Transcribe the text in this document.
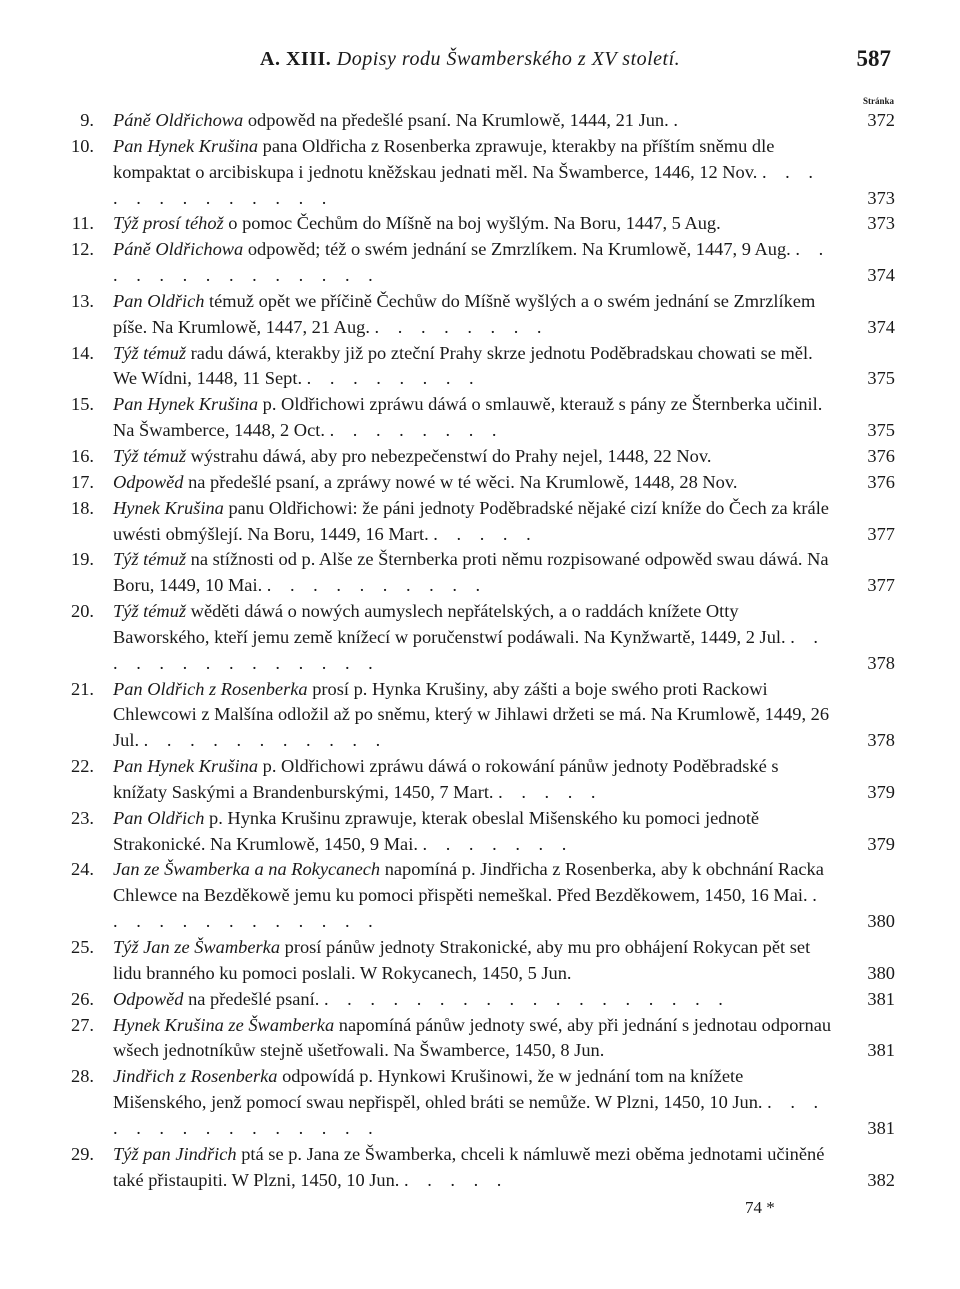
A. XIII. Dopisy rodu Šwamberského z XV století.	587
Stránka
9. Páně Oldřichowa odpowěd na předešlé psaní. Na Krumlowě, 1444, 21 Jun. .	372
10. Pan Hynek Krušina pana Oldřicha z Rosenberka zprawuje, kterakby na příštím sněmu dle kompaktat o arcibiskupa i jednotu kněžskau jednati měl. Na Šwamberce, 1446, 12 Nov. . . . . . . . . . . . . .	373
11. Týž prosí téhož o pomoc Čechům do Míšně na boj wyšlým. Na Boru, 1447, 5 Aug.	373
12. Páně Oldřichowa odpowěd; též o swém jednání se Zmrzlíkem. Na Krumlowě, 1447, 9 Aug. . . . . . . . . . . . . . .	374
13. Pan Oldřich témuž opět we příčině Čechůw do Míšně wyšlých a o swém jednání se Zmrzlíkem píše. Na Krumlowě, 1447, 21 Aug. . . . . . . . .	374
14. Týž témuž radu dáwá, kterakby již po zteční Prahy skrze jednotu Poděbradskau chowati se měl. We Wídni, 1448, 11 Sept. . . . . . . . .	375
15. Pan Hynek Krušina p. Oldřichowi zpráwu dáwá o smlauwě, kterauž s pány ze Šternberka učinil. Na Šwamberce, 1448, 2 Oct. . . . . . . . .	375
16. Týž témuž wýstrahu dáwá, aby pro nebezpečenstwí do Prahy nejel, 1448, 22 Nov.	376
17. Odpowěd na předešlé psaní, a zpráwy nowé w té wěci. Na Krumlowě, 1448, 28 Nov.	376
18. Hynek Krušina panu Oldřichowi: že páni jednoty Poděbradské nějaké cizí kníže do Čech za krále uwésti obmýšlejí. Na Boru, 1449, 16 Mart. . . . . .	377
19. Týž témuž na stížnosti od p. Alše ze Šternberka proti němu rozpisowané odpowěd swau dáwá. Na Boru, 1449, 10 Mai. . . . . . . . . . .	377
20. Týž témuž wěděti dáwá o nowých aumyslech nepřátelských, a o raddách knížete Otty Baworského, kteří jemu země knížecí w poručenstwí podáwali. Na Kynžwartě, 1449, 2 Jul. . . . . . . . . . . . . . .	378
21. Pan Oldřich z Rosenberka prosí p. Hynka Krušiny, aby zášti a boje swého proti Rackowi Chlewcowi z Malšína odložil až po sněmu, který w Jihlawi držeti se má. Na Krumlowě, 1449, 26 Jul. . . . . . . . . . . .	378
22. Pan Hynek Krušina p. Oldřichowi zpráwu dáwá o rokowání pánůw jednoty Poděbradské s knížaty Saskými a Brandenburskými, 1450, 7 Mart. . . . . .	379
23. Pan Oldřich p. Hynka Krušinu zprawuje, kterak obeslal Mišenského ku pomoci jednotě Strakonické. Na Krumlowě, 1450, 9 Mai. . . . . . . .	379
24. Jan ze Šwamberka a na Rokycanech napomíná p. Jindřicha z Rosenberka, aby k obchnání Racka Chlewce na Bezděkowě jemu ku pomoci přispěti nemeškal. Před Bezděkowem, 1450, 16 Mai. . . . . . . . . . . . . .	380
25. Týž Jan ze Šwamberka prosí pánůw jednoty Strakonické, aby mu pro obhájení Rokycan pět set lidu branného ku pomoci poslali. W Rokycanech, 1450, 5 Jun.	380
26. Odpowěd na předešlé psaní. . . . . . . . . . . . . . . . . . .	381
27. Hynek Krušina ze Šwamberka napomíná pánůw jednoty swé, aby při jednání s jednotau odpornau wšech jednotníkůw stejně ušetřowali. Na Šwamberce, 1450, 8 Jun.	381
28. Jindřich z Rosenberka odpowídá p. Hynkowi Krušinowi, že w jednání tom na knížete Mišenského, jenž pomocí swau nepřispěl, ohled bráti se nemůže. W Plzni, 1450, 10 Jun. . . . . . . . . . . . . . . .	381
29. Týž pan Jindřich ptá se p. Jana ze Šwamberka, chceli k námluwě mezi oběma jednotami učiněné také přistaupiti. W Plzni, 1450, 10 Jun. . . . . .	382
74 *
